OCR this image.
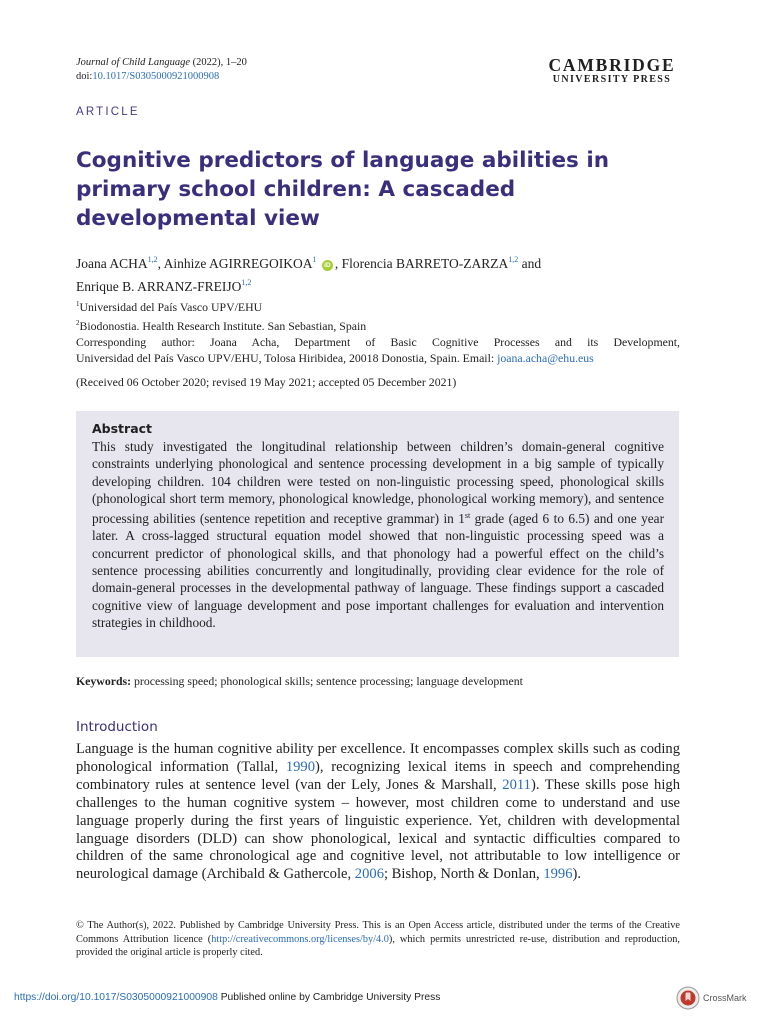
Journal of Child Language (2022), 1–20
doi:10.1017/S0305000921000908
CAMBRIDGE
UNIVERSITY PRESS
ARTICLE
Cognitive predictors of language abilities in primary school children: A cascaded developmental view
Joana ACHA$^{1,2}$, Ainhize AGIRREGOIKOA$^1$ iD , Florencia BARRETO-ZARZA$^{1,2}$ and
Enrique B. ARRANZ-FREIJO$^{1,2}$
$^1$Universidad del País Vasco UPV/EHU
$^2$Biodonostia. Health Research Institute. San Sebastian, Spain
Corresponding author: Joana Acha, Department of Basic Cognitive Processes and its Development,
Universidad del País Vasco UPV/EHU, Tolosa Hiribidea, 20018 Donostia, Spain. Email: joana.acha@ehu.eus
(Received 06 October 2020; revised 19 May 2021; accepted 05 December 2021)
Abstract
This study investigated the longitudinal relationship between children’s domain-general cognitive constraints underlying phonological and sentence processing development in a big sample of typically developing children. 104 children were tested on non-linguistic processing speed, phonological skills (phonological short term memory, phonological knowledge, phonological working memory), and sentence processing abilities (sentence repetition and receptive grammar) in 1st grade (aged 6 to 6.5) and one year later. A cross-lagged structural equation model showed that non-linguistic processing speed was a concurrent predictor of phonological skills, and that phonology had a powerful effect on the child’s sentence processing abilities concurrently and longitudinally, providing clear evidence for the role of domain-general processes in the developmental pathway of language. These findings support a cascaded cognitive view of language development and pose important challenges for evaluation and intervention strategies in childhood.
Keywords: processing speed; phonological skills; sentence processing; language development
Introduction
Language is the human cognitive ability per excellence. It encompasses complex skills such as coding phonological information (Tallal, 1990), recognizing lexical items in speech and comprehending combinatory rules at sentence level (van der Lely, Jones & Marshall, 2011). These skills pose high challenges to the human cognitive system – however, most children come to understand and use language properly during the first years of linguistic experience. Yet, children with developmental language disorders (DLD) can show phonological, lexical and syntactic difficulties compared to children of the same chronological age and cognitive level, not attributable to low intelligence or neurological damage (Archibald & Gathercole, 2006; Bishop, North & Donlan, 1996).
© The Author(s), 2022. Published by Cambridge University Press. This is an Open Access article, distributed under the terms of the Creative Commons Attribution licence (http://creativecommons.org/licenses/by/4.0), which permits unrestricted re-use, distribution and reproduction, provided the original article is properly cited.
https://doi.org/10.1017/S0305000921000908 Published online by Cambridge University Press	CrossMark
